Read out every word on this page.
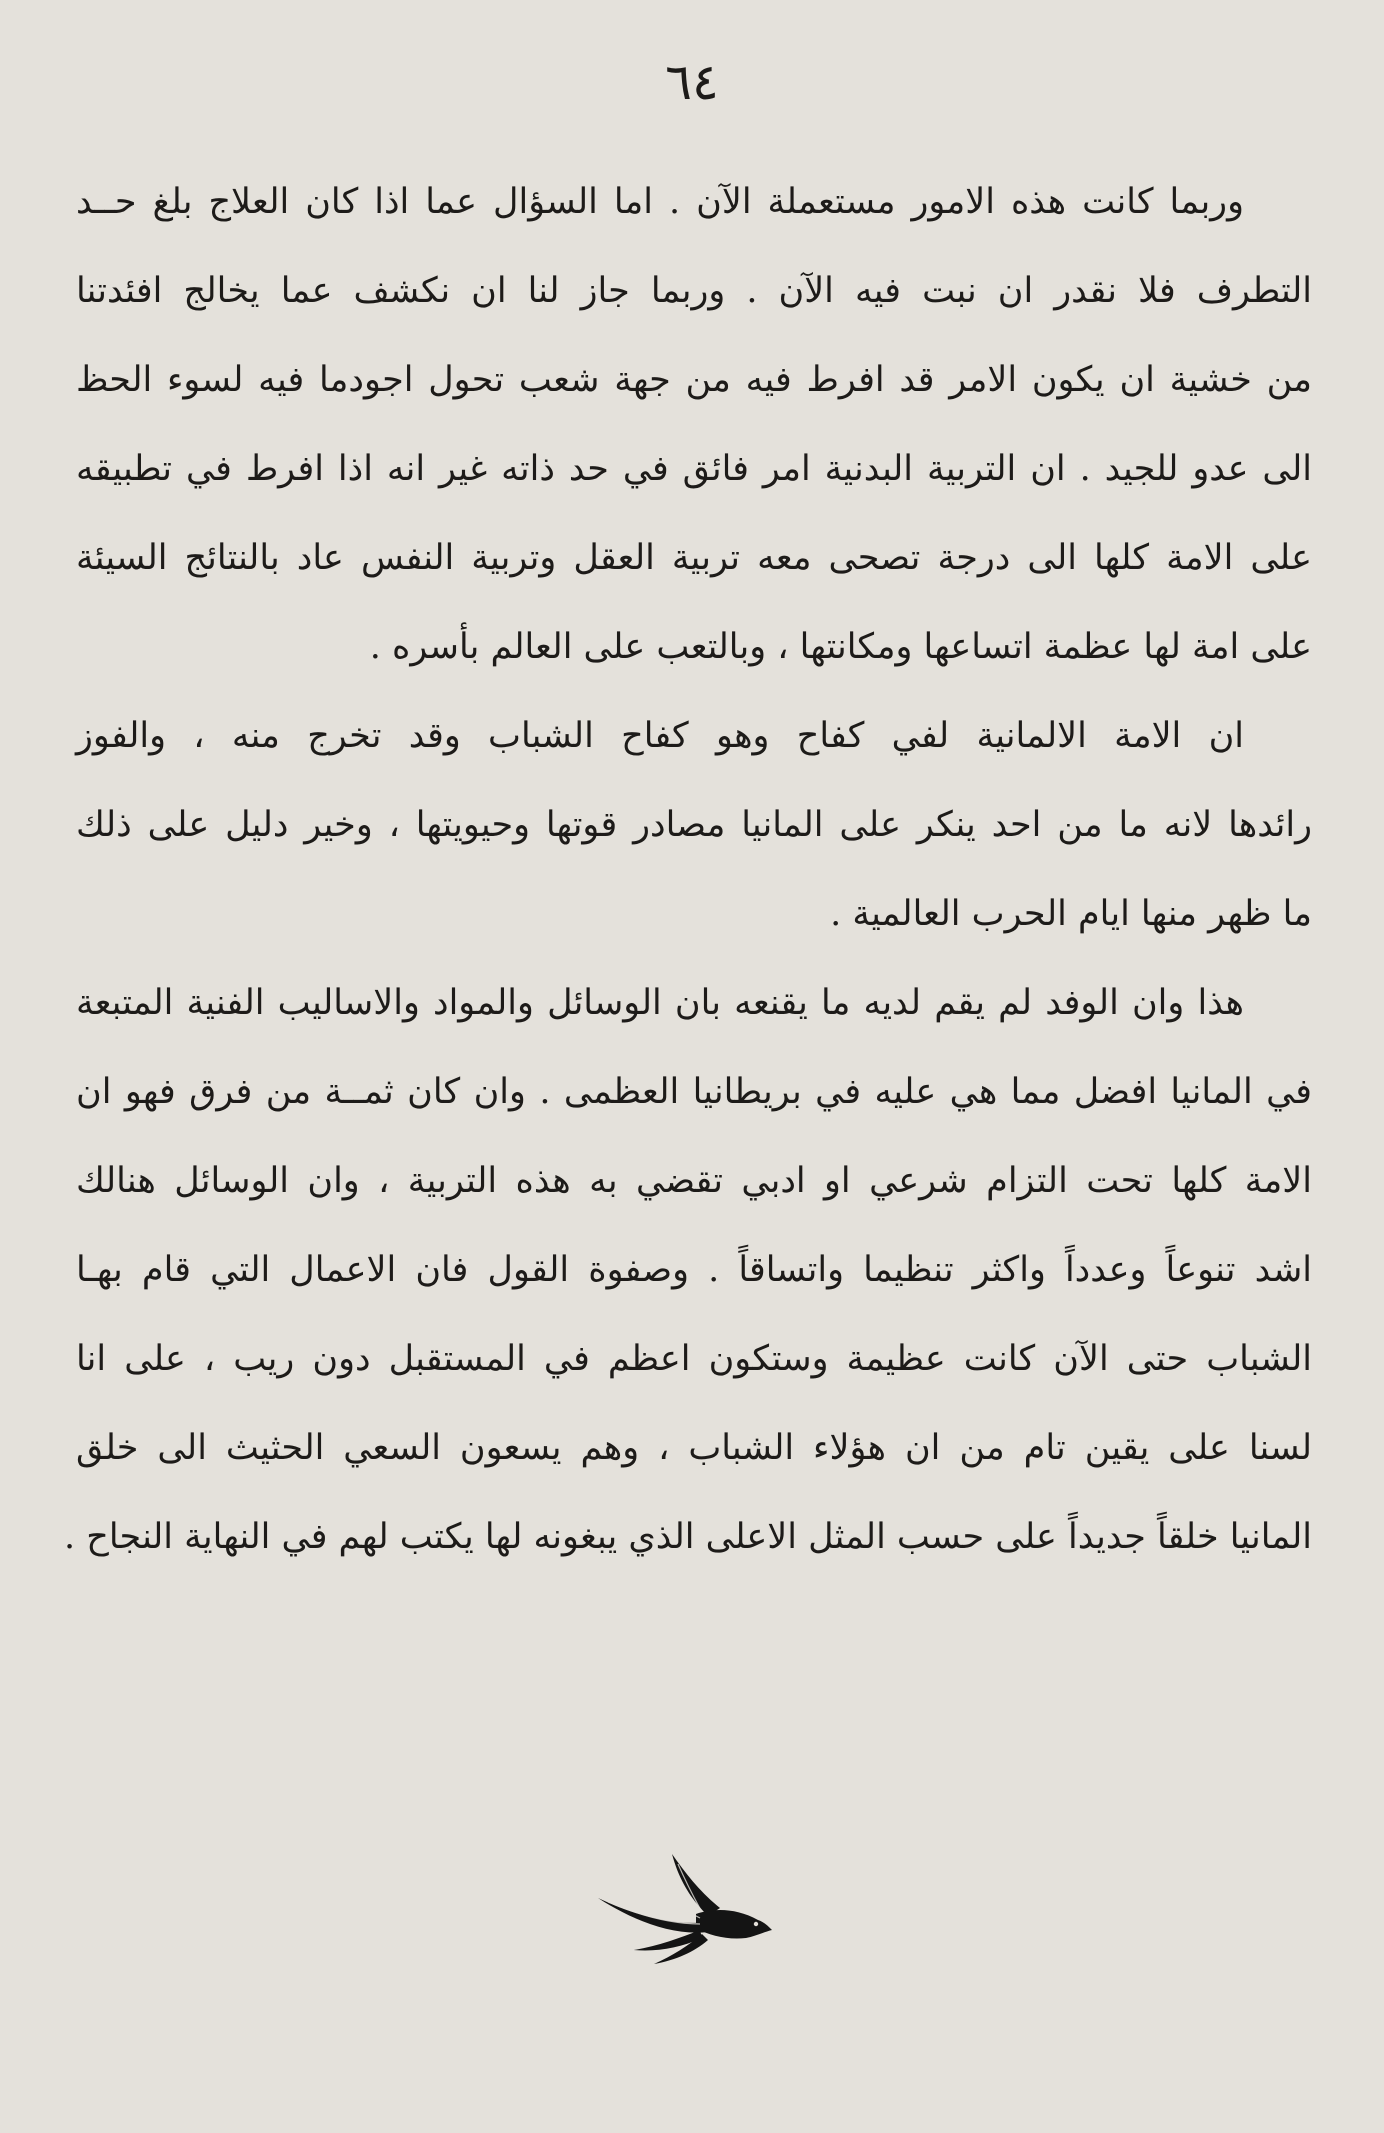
٦٤
وربما كانت هذه الامور مستعملة الآن . اما السؤال عما اذا كان العلاج بلغ حــد
التطرف فلا نقدر ان نبت فيه الآن . وربما جاز لنا ان نكشف عما يخالج افئدتنا
من خشية ان يكون الامر قد افرط فيه من جهة شعب تحول اجودما فيه لسوء الحظ
الى عدو للجيد . ان التربية البدنية امر فائق في حد ذاته غير انه اذا افرط في تطبيقه
على الامة كلها الى درجة تصحى معه تربية العقل وتربية النفس عاد بالنتائج السيئة
على امة لها عظمة اتساعها ومكانتها ، وبالتعب على العالم بأسره .
ان الامة الالمانية لفي كفاح وهو كفاح الشباب وقد تخرج منه ، والفوز
رائدها لانه ما من احد ينكر على المانيا مصادر قوتها وحيويتها ، وخير دليل على ذلك
ما ظهر منها ايام الحرب العالمية .
هذا وان الوفد لم يقم لديه ما يقنعه بان الوسائل والمواد والاساليب الفنية المتبعة
في المانيا افضل مما هي عليه في بريطانيا العظمى . وان كان ثمــة من فرق فهو ان
الامة كلها تحت التزام شرعي او ادبي تقضي به هذه التربية ، وان الوسائل هنالك
اشد تنوعاً وعدداً واكثر تنظيما واتساقاً . وصفوة القول فان الاعمال التي قام بهـا
الشباب حتى الآن كانت عظيمة وستكون اعظم في المستقبل دون ريب ، على انا
لسنا على يقين تام من ان هؤلاء الشباب ، وهم يسعون السعي الحثيث الى خلق
المانيا خلقاً جديداً على حسب المثل الاعلى الذي يبغونه لها يكتب لهم في النهاية النجاح .
